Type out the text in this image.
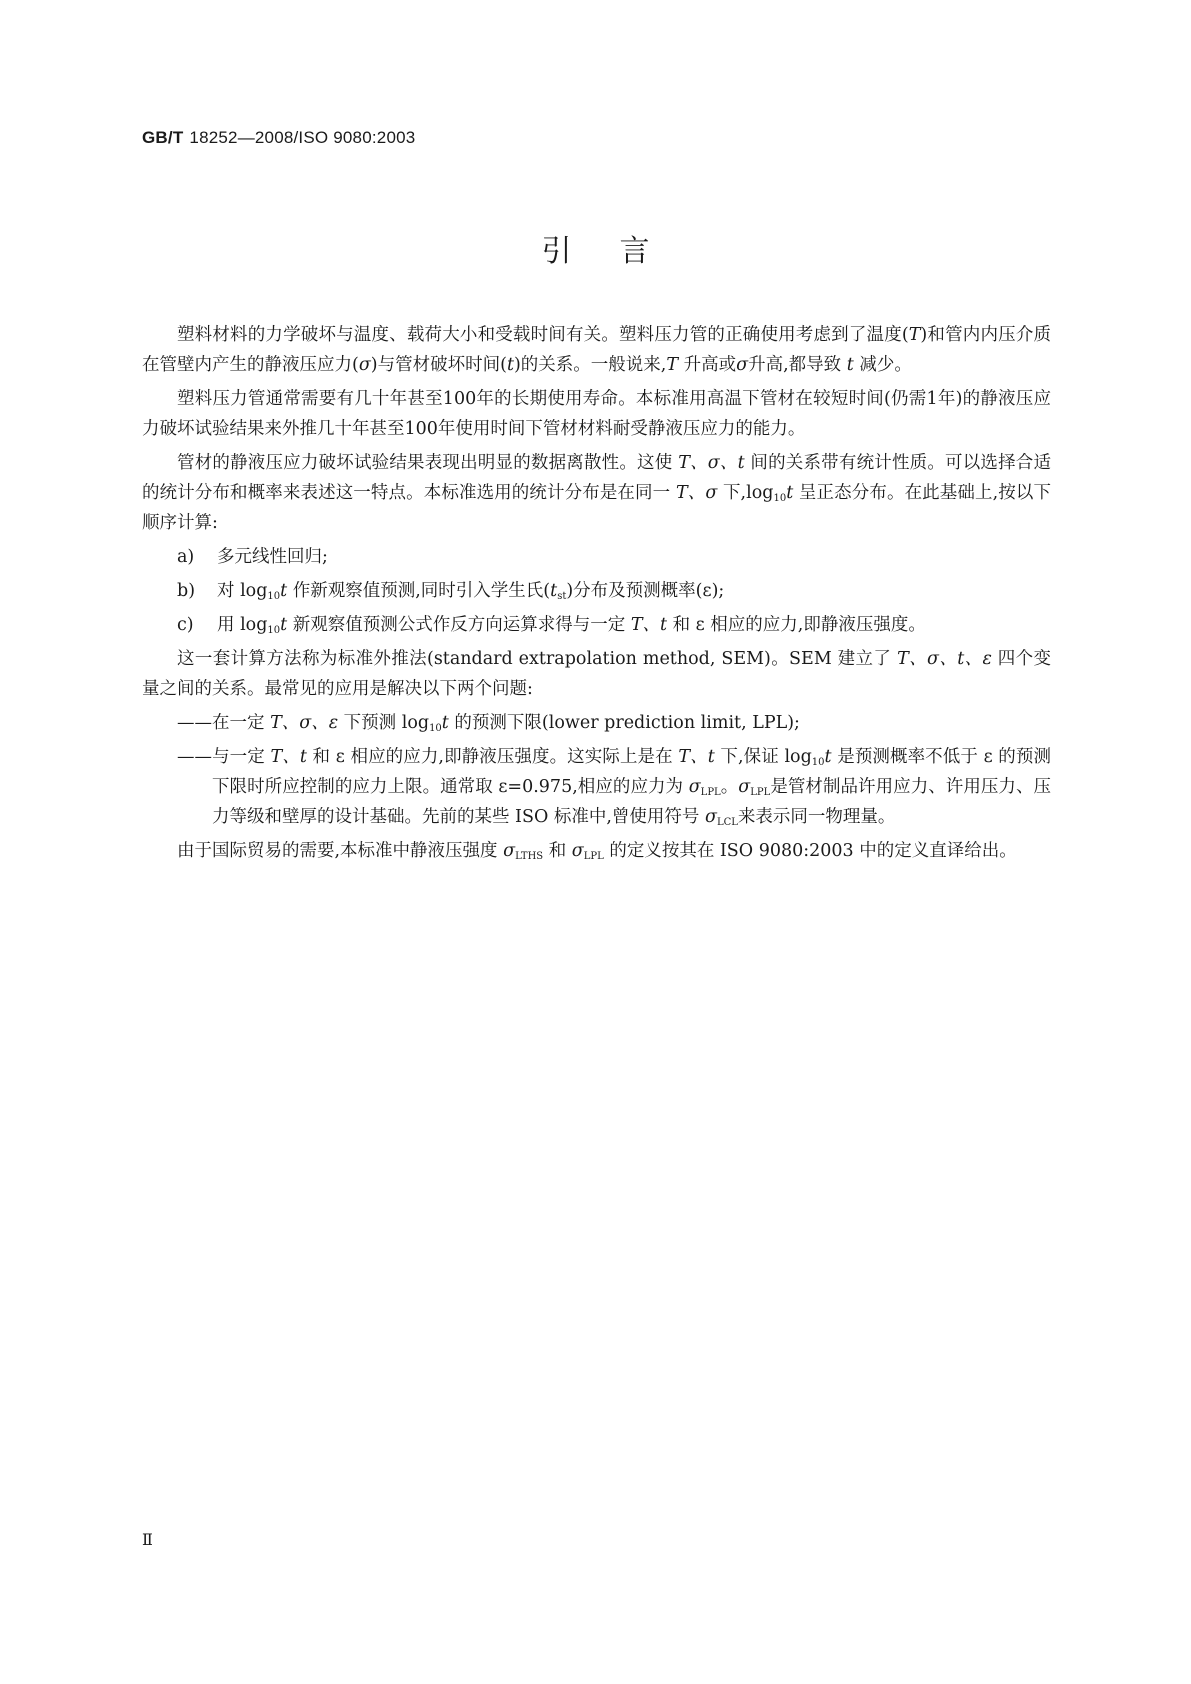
GB/T 18252—2008/ISO 9080:2003
引言

塑料材料的力学破坏与温度、载荷大小和受载时间有关。塑料压力管的正确使用考虑到了温度(T)和管内内压介质在管壁内产生的静液压应力(σ)与管材破坏时间(t)的关系。一般说来,T 升高或σ升高,都导致 t 减少。

塑料压力管通常需要有几十年甚至100年的长期使用寿命。本标准用高温下管材在较短时间(仍需1年)的静液压应力破坏试验结果来外推几十年甚至100年使用时间下管材材料耐受静液压应力的能力。

管材的静液压应力破坏试验结果表现出明显的数据离散性。这使 T、σ、t 间的关系带有统计性质。可以选择合适的统计分布和概率来表述这一特点。本标准选用的统计分布是在同一 T、σ 下$,\log_{10}t$ 呈正态分布。在此基础上,按以下顺序计算:

a) 多元线性回归;

b) 对 $\log_{10}t$ 作新观察值预测,同时引入学生氏$(t_{st})$分布及预测概率(ε);

c) 用 $\log_{10}t$ 新观察值预测公式作反方向运算求得与一定 T、t 和 ε 相应的应力,即静液压强度。

这一套计算方法称为标准外推法(standard extrapolation method, SEM)。SEM 建立了 T、σ、t、ε 四个变量之间的关系。最常见的应用是解决以下两个问题:

——在一定 T、σ、ε 下预测 $\log_{10}t$ 的预测下限(lower prediction limit, LPL);

——与一定 T、t 和 ε 相应的应力,即静液压强度。这实际上是在 T、t 下,保证 $\log_{10}t$ 是预测概率不低于 ε 的预测下限时所应控制的应力上限。通常取 ε=0.975,相应的应力为 $\sigma_{LPL}$。$\sigma_{LPL}$是管材制品许用应力、许用压力、压力等级和壁厚的设计基础。先前的某些 ISO 标准中,曾使用符号 $\sigma_{LCL}$来表示同一物理量。

由于国际贸易的需要,本标准中静液压强度 $\sigma_{LTHS}$ 和 $\sigma_{LPL}$ 的定义按其在 ISO 9080:2003 中的定义直译给出。

Ⅱ
